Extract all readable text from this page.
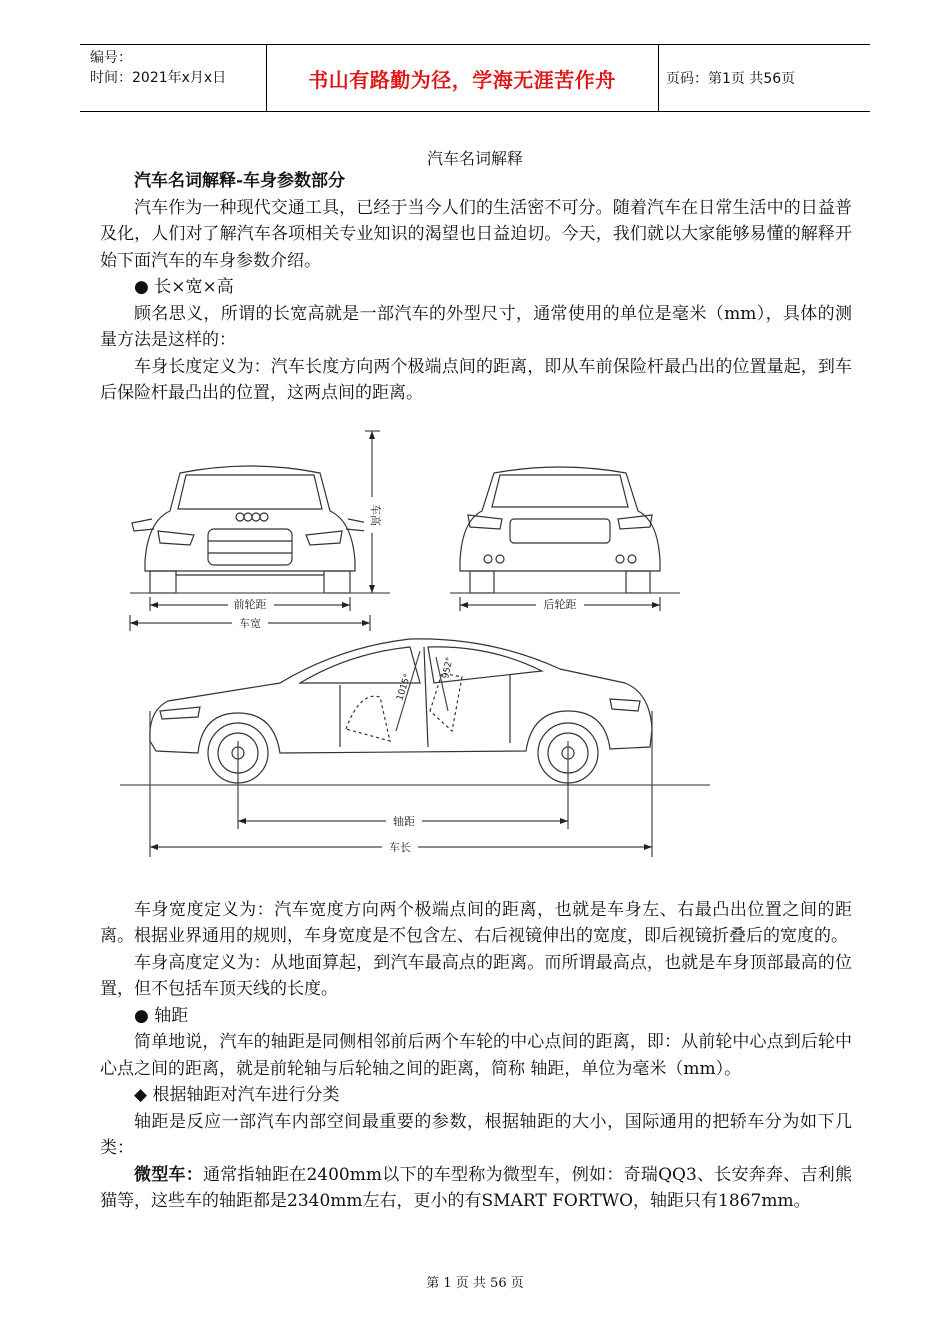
编号：
时间：2021年x月x日	书山有路勤为径，学海无涯苦作舟	页码：第1页 共56页
汽车名词解释

汽车名词解释-车身参数部分

汽车作为一种现代交通工具，已经于当今人们的生活密不可分。随着汽车在日常生活中的日益普及化，人们对了解汽车各项相关专业知识的渴望也日益迫切。今天，我们就以大家能够易懂的解释开始下面汽车的车身参数介绍。

● 长×宽×高

顾名思义，所谓的长宽高就是一部汽车的外型尺寸，通常使用的单位是毫米（mm），具体的测量方法是这样的：

车身长度定义为：汽车长度方向两个极端点间的距离，即从车前保险杆最凸出的位置量起，到车后保险杆最凸出的位置，这两点间的距离。

前轮距
车宽
车高
后轮距
轴距
车长
1015°
952°

车身宽度定义为：汽车宽度方向两个极端点间的距离，也就是车身左、右最凸出位置之间的距离。根据业界通用的规则，车身宽度是不包含左、右后视镜伸出的宽度，即后视镜折叠后的宽度的。

车身高度定义为：从地面算起，到汽车最高点的距离。而所谓最高点，也就是车身顶部最高的位置，但不包括车顶天线的长度。

● 轴距

简单地说，汽车的轴距是同侧相邻前后两个车轮的中心点间的距离，即：从前轮中心点到后轮中心点之间的距离，就是前轮轴与后轮轴之间的距离，简称 轴距，单位为毫米（mm）。

◆ 根据轴距对汽车进行分类

轴距是反应一部汽车内部空间最重要的参数，根据轴距的大小，国际通用的把轿车分为如下几类：

微型车：通常指轴距在2400mm以下的车型称为微型车，例如：奇瑞QQ3、长安奔奔、吉利熊猫等，这些车的轴距都是2340mm左右，更小的有SMART FORTWO，轴距只有1867mm。

第 1 页 共 56 页
